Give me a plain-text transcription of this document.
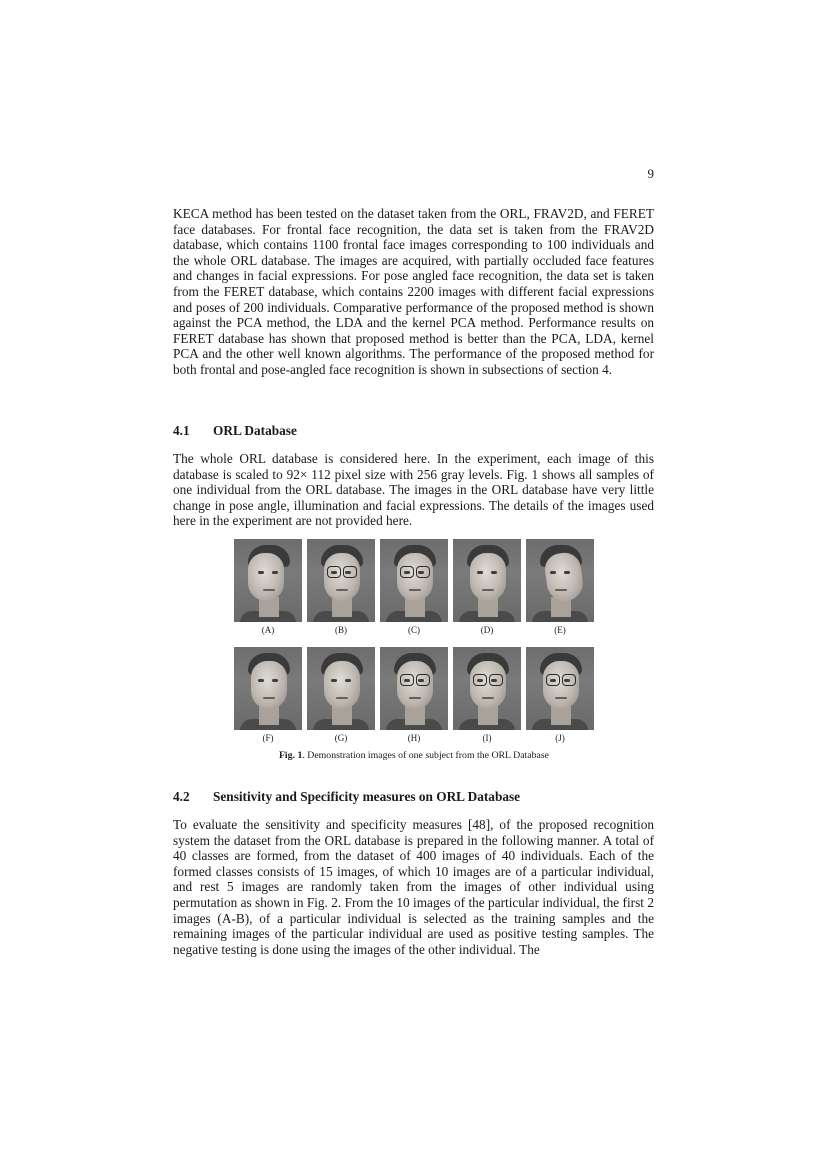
9

KECA method has been tested on the dataset taken from the ORL, FRAV2D, and FERET face databases. For frontal face recognition, the data set is taken from the FRAV2D database, which contains 1100 frontal face images corresponding to 100 individuals and the whole ORL database. The images are acquired, with partially occluded face features and changes in facial expressions. For pose angled face recognition, the data set is taken from the FERET database, which contains 2200 images with different facial expressions and poses of 200 individuals. Comparative performance of the proposed method is shown against the PCA method, the LDA and the kernel PCA method. Performance results on FERET database has shown that proposed method is better than the PCA, LDA, kernel PCA and the other well known algorithms. The performance of the proposed method for both frontal and pose-angled face recognition is shown in subsections of section 4.

4.1 ORL Database

The whole ORL database is considered here. In the experiment, each image of this database is scaled to 92× 112 pixel size with 256 gray levels. Fig. 1 shows all samples of one individual from the ORL database. The images in the ORL database have very little change in pose angle, illumination and facial expressions. The details of the images used here in the experiment are not provided here.

(A)	(B)	(C)	(D)	(E)
(F)	(G)	(H)	(I)	(J)
Fig. 1. Demonstration images of one subject from the ORL Database
4.2 Sensitivity and Specificity measures on ORL Database

To evaluate the sensitivity and specificity measures [48], of the proposed recognition system the dataset from the ORL database is prepared in the following manner. A total of 40 classes are formed, from the dataset of 400 images of 40 individuals. Each of the formed classes consists of 15 images, of which 10 images are of a particular individual, and rest 5 images are randomly taken from the images of other individual using permutation as shown in Fig. 2. From the 10 images of the particular individual, the first 2 images (A-B), of a particular individual is selected as the training samples and the remaining images of the particular individual are used as positive testing samples. The negative testing is done using the images of the other individual. The
